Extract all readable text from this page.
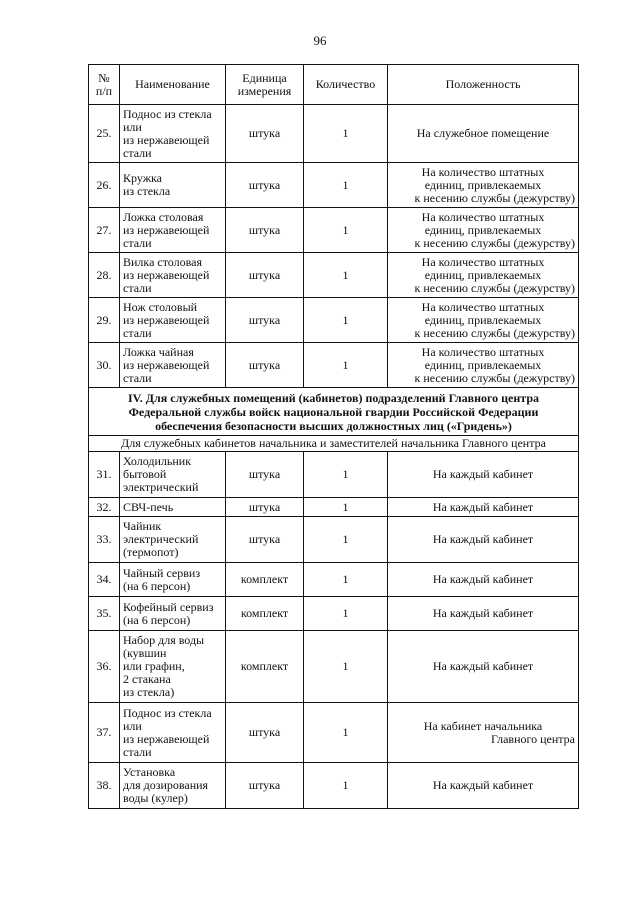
96
№
п/п	Наименование	Единица
измерения	Количество	Положенность

25.	Поднос из стекла
или
из нержавеющей
стали	штука	1	На служебное помещение

26.	Кружка
из стекла	штука	1	На количество штатных
единиц, привлекаемых
к несению службы (дежурству)

27.	Ложка столовая
из нержавеющей
стали	штука	1	На количество штатных
единиц, привлекаемых
к несению службы (дежурству)

28.	Вилка столовая
из нержавеющей
стали	штука	1	На количество штатных
единиц, привлекаемых
к несению службы (дежурству)

29.	Нож столовый
из нержавеющей
стали	штука	1	На количество штатных
единиц, привлекаемых
к несению службы (дежурству)

30.	Ложка чайная
из нержавеющей
стали	штука	1	На количество штатных
единиц, привлекаемых
к несению службы (дежурству)

IV. Для служебных помещений (кабинетов) подразделений Главного центра
Федеральной службы войск национальной гвардии Российской Федерации
обеспечения безопасности высших должностных лиц («Гридень»)				

Для служебных кабинетов начальника и заместителей начальника Главного центра				
31.	Холодильник
бытовой
электрический	штука	1	На каждый кабинет

32.	СВЧ-печь	штука	1	На каждый кабинет

33.	Чайник
электрический
(термопот)	штука	1	На каждый кабинет

34.	Чайный сервиз
(на 6 персон)	комплект	1	На каждый кабинет

35.	Кофейный сервиз
(на 6 персон)	комплект	1	На каждый кабинет

36.	Набор для воды
(кувшин
или графин,
2 стакана
из стекла)	комплект	1	На каждый кабинет

37.	Поднос из стекла
или
из нержавеющей
стали	штука	1	На кабинет начальника
Главного центра

38.	Установка
для дозирования
воды (кулер)	штука	1	На каждый кабинет
